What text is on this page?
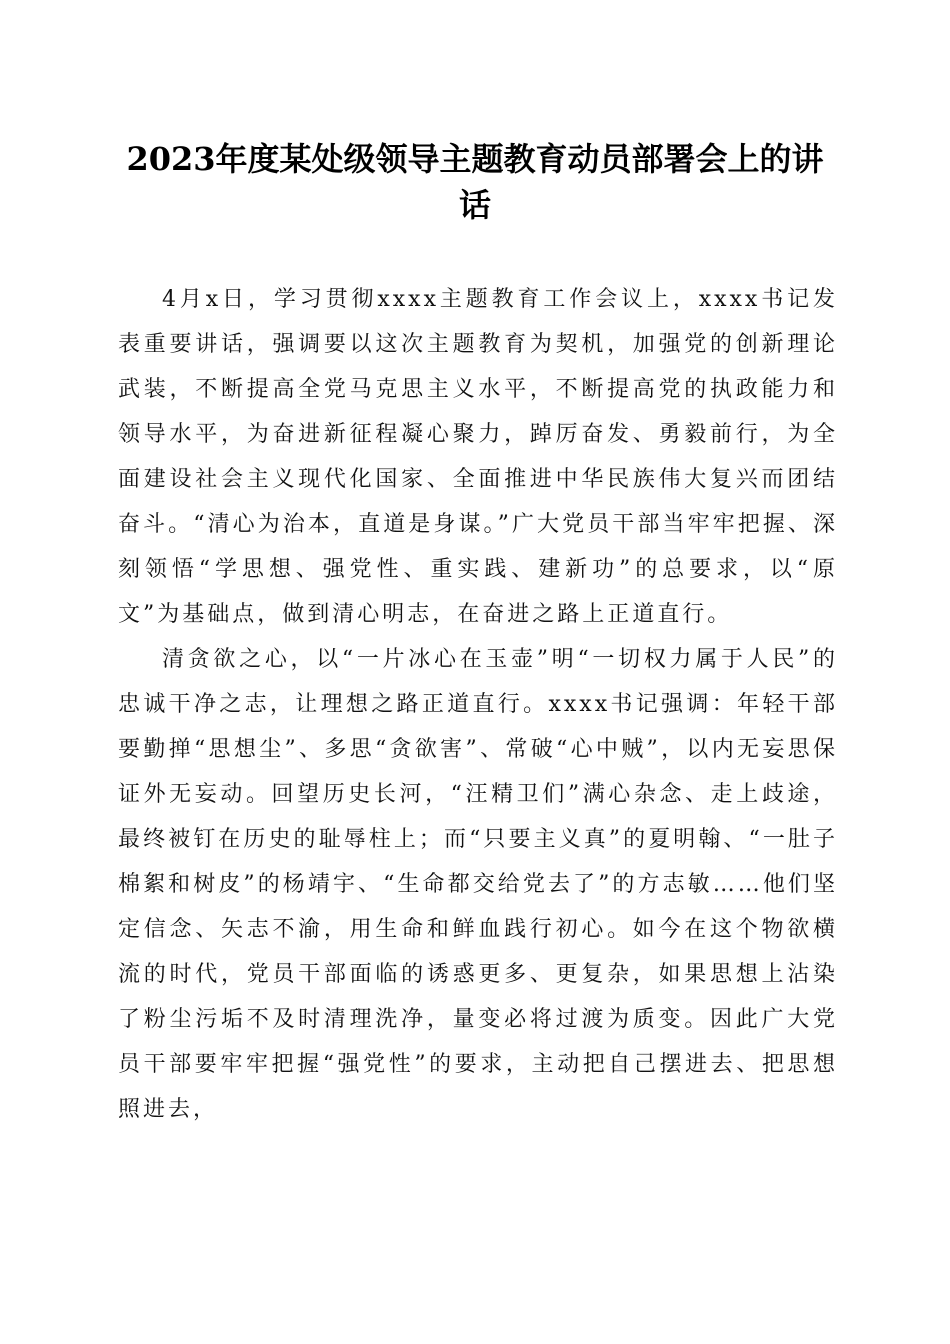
2023年度某处级领导主题教育动员部署会上的讲话

4月x日，学习贯彻xxxx主题教育工作会议上，xxxx书记发表重要讲话，强调要以这次主题教育为契机，加强党的创新理论武装，不断提高全党马克思主义水平，不断提高党的执政能力和领导水平，为奋进新征程凝心聚力，踔厉奋发、勇毅前行，为全面建设社会主义现代化国家、全面推进中华民族伟大复兴而团结奋斗。“清心为治本，直道是身谋。”广大党员干部当牢牢把握、深刻领悟“学思想、强党性、重实践、建新功”的总要求，以“原文”为基础点，做到清心明志，在奋进之路上正道直行。

清贪欲之心，以“一片冰心在玉壶”明“一切权力属于人民”的忠诚干净之志，让理想之路正道直行。xxxx书记强调：年轻干部要勤掸“思想尘”、多思“贪欲害”、常破“心中贼”，以内无妄思保证外无妄动。回望历史长河，“汪精卫们”满心杂念、走上歧途，最终被钉在历史的耻辱柱上；而“只要主义真”的夏明翰、“一肚子棉絮和树皮”的杨靖宇、“生命都交给党去了”的方志敏……他们坚定信念、矢志不渝，用生命和鲜血践行初心。如今在这个物欲横流的时代，党员干部面临的诱惑更多、更复杂，如果思想上沾染了粉尘污垢不及时清理洗净，量变必将过渡为质变。因此广大党员干部要牢牢把握“强党性”的要求，主动把自己摆进去、把思想照进去，
